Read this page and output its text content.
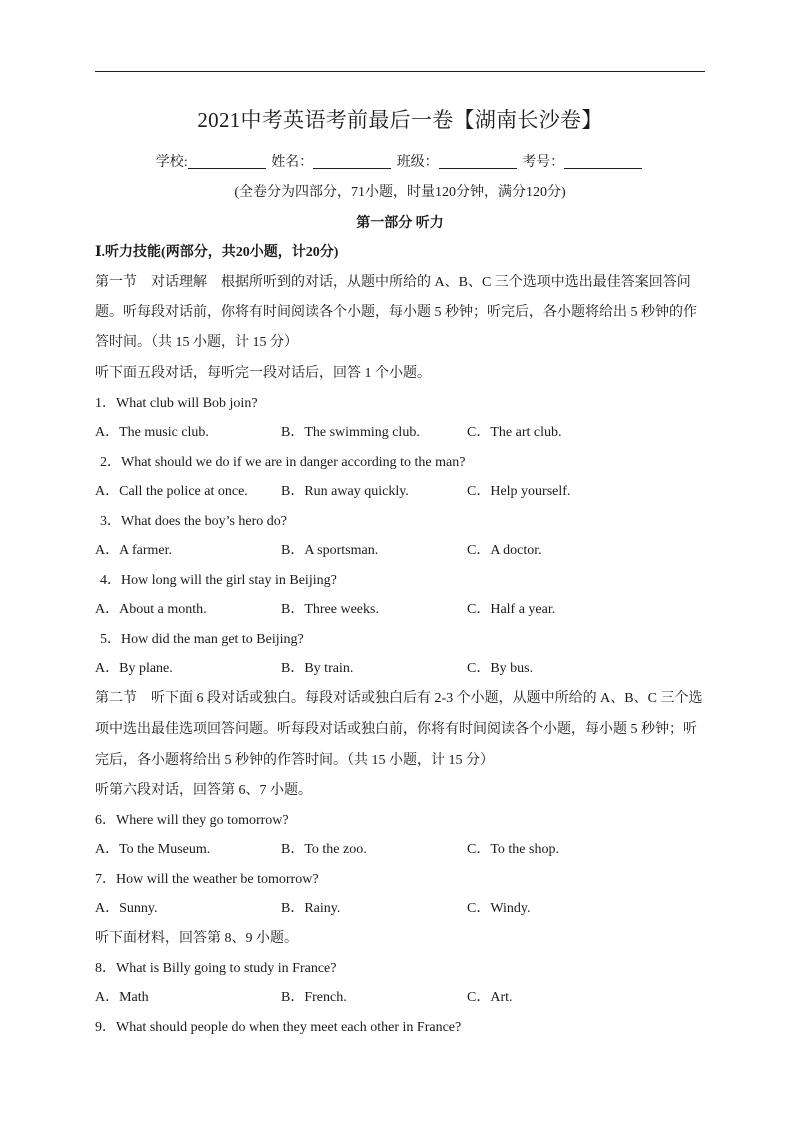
2021中考英语考前最后一卷【湖南长沙卷】
学校:	姓名：	班级：	考号：
(全卷分为四部分，71小题，时量120分钟，满分120分)
第一部分 听力
Ⅰ.听力技能(两部分，共20小题，计20分)
第一节　对话理解　根据所听到的对话，从题中所给的 A、B、C 三个选项中选出最佳答案回答问
题。听每段对话前，你将有时间阅读各个小题，每小题 5 秒钟；听完后，各小题将给出 5 秒钟的作
答时间。（共 15 小题，计 15 分）
听下面五段对话，每听完一段对话后，回答 1 个小题。
1．What club will Bob join?
A．The music club.	B．The swimming club.	C．The art club.
2．What should we do if we are in danger according to the man?
A．Call the police at once. B．Run away quickly.	C．Help yourself.
3．What does the boy’s hero do?
A．A farmer.	B．A sportsman.	C．A doctor.
4．How long will the girl stay in Beijing?
A．About a month.	B．Three weeks.	C．Half a year.
5．How did the man get to Beijing?
A．By plane.	B．By train.	C．By bus.
第二节　听下面 6 段对话或独白。每段对话或独白后有 2-3 个小题，从题中所给的 A、B、C 三个选
项中选出最佳选项回答问题。听每段对话或独白前，你将有时间阅读各个小题，每小题 5 秒钟；听
完后，各小题将给出 5 秒钟的作答时间。（共 15 小题，计 15 分）
听第六段对话，回答第 6、7 小题。
6．Where will they go tomorrow?
A．To the Museum.	B．To the zoo.	C．To the shop.
7．How will the weather be tomorrow?
A．Sunny.	B．Rainy.	C．Windy.
听下面材料，回答第 8、9 小题。
8．What is Billy going to study in France?
A．Math	B．French.	C．Art.
9．What should people do when they meet each other in France?
